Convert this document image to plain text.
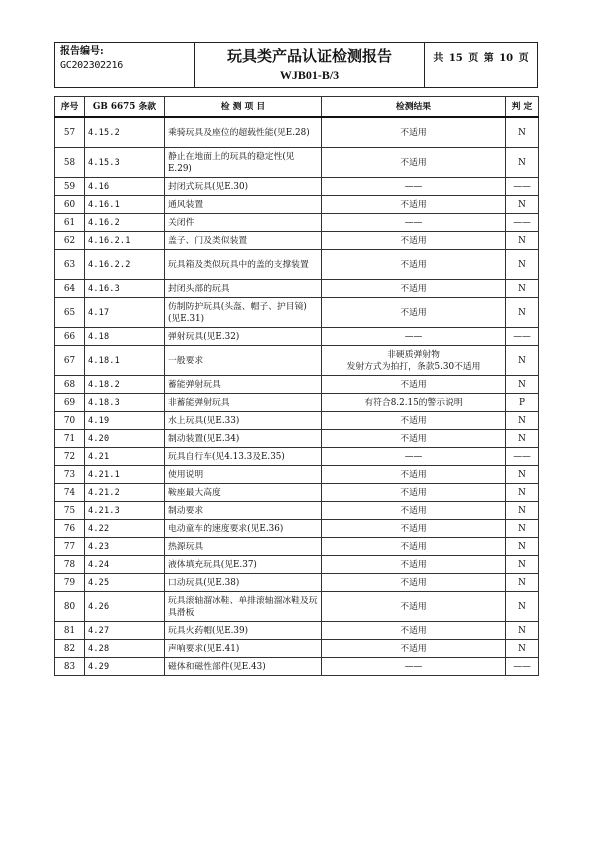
报告编号:
GC202302216
玩具类产品认证检测报告
WJB01-B/3
共 15 页 第 10 页
序号	GB 6675 条款	检 测 项 目	检测结果	判 定
57	4.15.2	乘骑玩具及座位的超载性能(见E.28)	不适用	N
58	4.15.3	静止在地面上的玩具的稳定性(见E.29)	不适用	N
59	4.16	封闭式玩具(见E.30)	——	——
60	4.16.1	通风装置	不适用	N
61	4.16.2	关闭件	——	——
62	4.16.2.1	盖子、门及类似装置	不适用	N
63	4.16.2.2	玩具箱及类似玩具中的盖的支撑装置	不适用	N
64	4.16.3	封闭头部的玩具	不适用	N
65	4.17	仿制防护玩具(头盔、帽子、护目镜)(见E.31)	不适用	N
66	4.18	弹射玩具(见E.32)	——	——
67	4.18.1	一般要求	非硬质弹射物
发射方式为拍打，条款5.30不适用	N
68	4.18.2	蓄能弹射玩具	不适用	N
69	4.18.3	非蓄能弹射玩具	有符合8.2.15的警示说明	P
70	4.19	水上玩具(见E.33)	不适用	N
71	4.20	制动装置(见E.34)	不适用	N
72	4.21	玩具自行车(见4.13.3及E.35)	——	——
73	4.21.1	使用说明	不适用	N
74	4.21.2	鞍座最大高度	不适用	N
75	4.21.3	制动要求	不适用	N
76	4.22	电动童车的速度要求(见E.36)	不适用	N
77	4.23	热源玩具	不适用	N
78	4.24	液体填充玩具(见E.37)	不适用	N
79	4.25	口动玩具(见E.38)	不适用	N
80	4.26	玩具滚轴溜冰鞋、单排滚轴溜冰鞋及玩具滑板	不适用	N
81	4.27	玩具火药帽(见E.39)	不适用	N
82	4.28	声响要求(见E.41)	不适用	N
83	4.29	磁体和磁性部件(见E.43)	——	——
